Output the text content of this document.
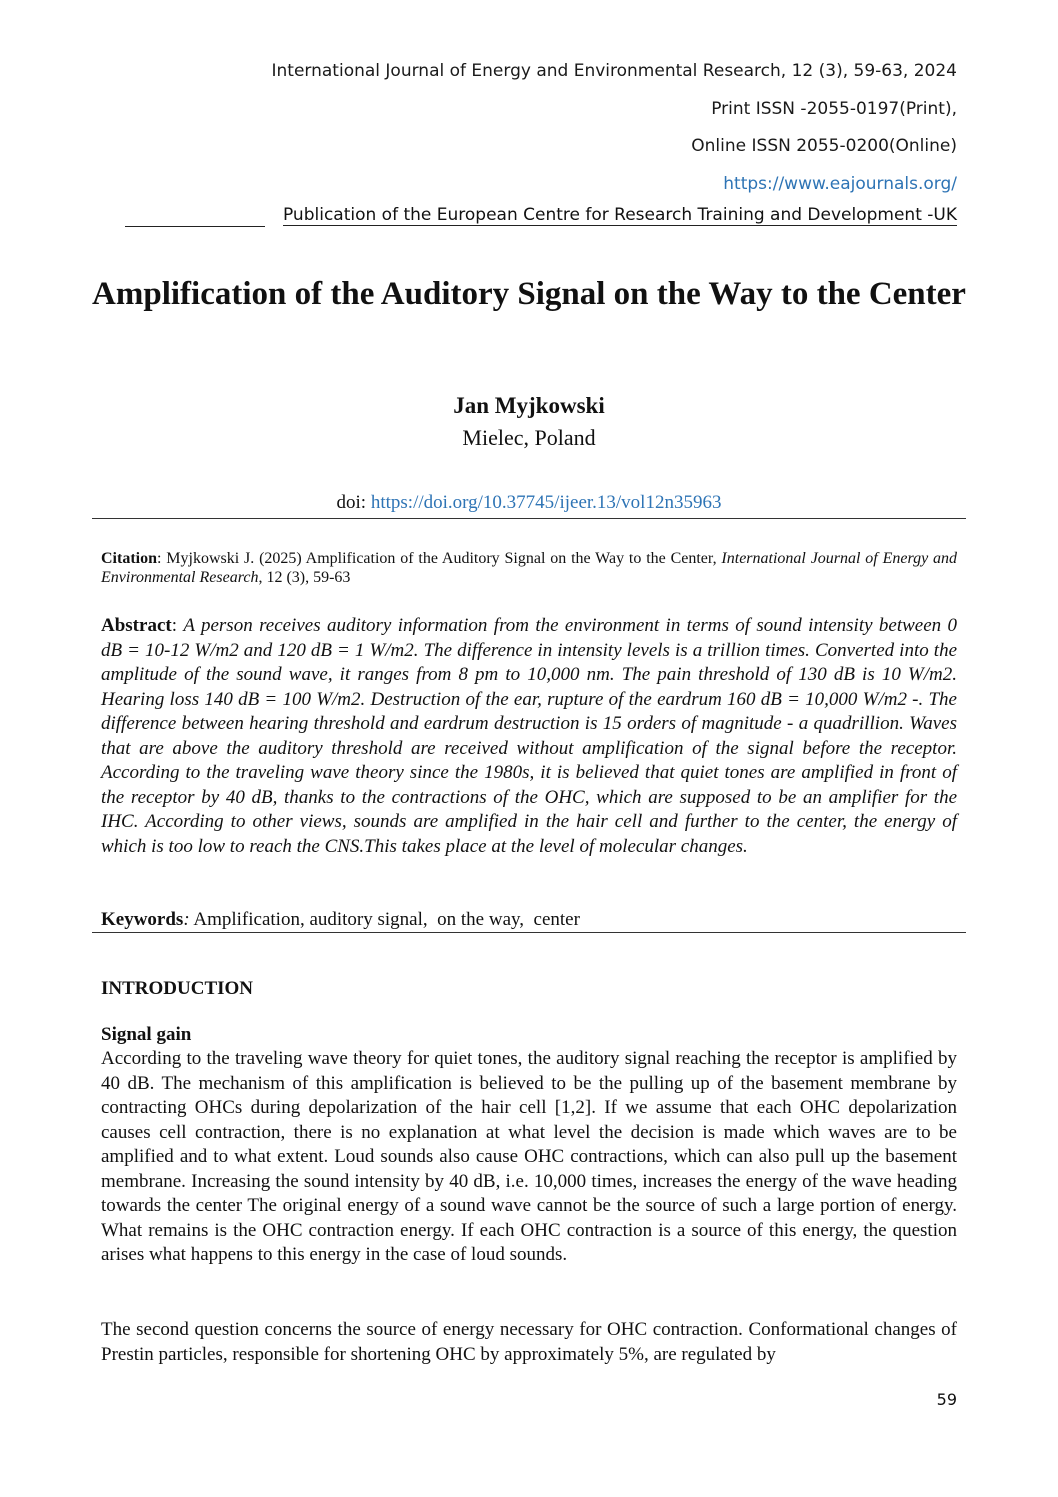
International Journal of Energy and Environmental Research, 12 (3), 59-63, 2024
Print ISSN -2055-0197(Print),
Online ISSN 2055-0200(Online)
https://www.eajournals.org/
Publication of the European Centre for Research Training and Development -UK
Amplification of the Auditory Signal on the Way to the Center
Jan Myjkowski
Mielec, Poland
doi: https://doi.org/10.37745/ijeer.13/vol12n35963
Citation: Myjkowski J. (2025) Amplification of the Auditory Signal on the Way to the Center, International Journal of Energy and Environmental Research, 12 (3), 59-63
Abstract: A person receives auditory information from the environment in terms of sound intensity between 0 dB = 10-12 W/m2 and 120 dB = 1 W/m2. The difference in intensity levels is a trillion times. Converted into the amplitude of the sound wave, it ranges from 8 pm to 10,000 nm. The pain threshold of 130 dB is 10 W/m2. Hearing loss 140 dB = 100 W/m2. Destruction of the ear, rupture of the eardrum 160 dB = 10,000 W/m2 -. The difference between hearing threshold and eardrum destruction is 15 orders of magnitude - a quadrillion. Waves that are above the auditory threshold are received without amplification of the signal before the receptor. According to the traveling wave theory since the 1980s, it is believed that quiet tones are amplified in front of the receptor by 40 dB, thanks to the contractions of the OHC, which are supposed to be an amplifier for the IHC. According to other views, sounds are amplified in the hair cell and further to the center, the energy of which is too low to reach the CNS.This takes place at the level of molecular changes.
Keywords: Amplification, auditory signal,  on the way,  center
INTRODUCTION
Signal gain
According to the traveling wave theory for quiet tones, the auditory signal reaching the receptor is amplified by 40 dB. The mechanism of this amplification is believed to be the pulling up of the basement membrane by contracting OHCs during depolarization of the hair cell [1,2]. If we assume that each OHC depolarization causes cell contraction, there is no explanation at what level the decision is made which waves are to be amplified and to what extent. Loud sounds also cause OHC contractions, which can also pull up the basement membrane. Increasing the sound intensity by 40 dB, i.e. 10,000 times, increases the energy of the wave heading towards the center The original energy of a sound wave cannot be the source of such a large portion of energy. What remains is the OHC contraction energy. If each OHC contraction is a source of this energy, the question arises what happens to this energy in the case of loud sounds.
The second question concerns the source of energy necessary for OHC contraction. Conformational changes of Prestin particles, responsible for shortening OHC by approximately 5%, are regulated by
59
